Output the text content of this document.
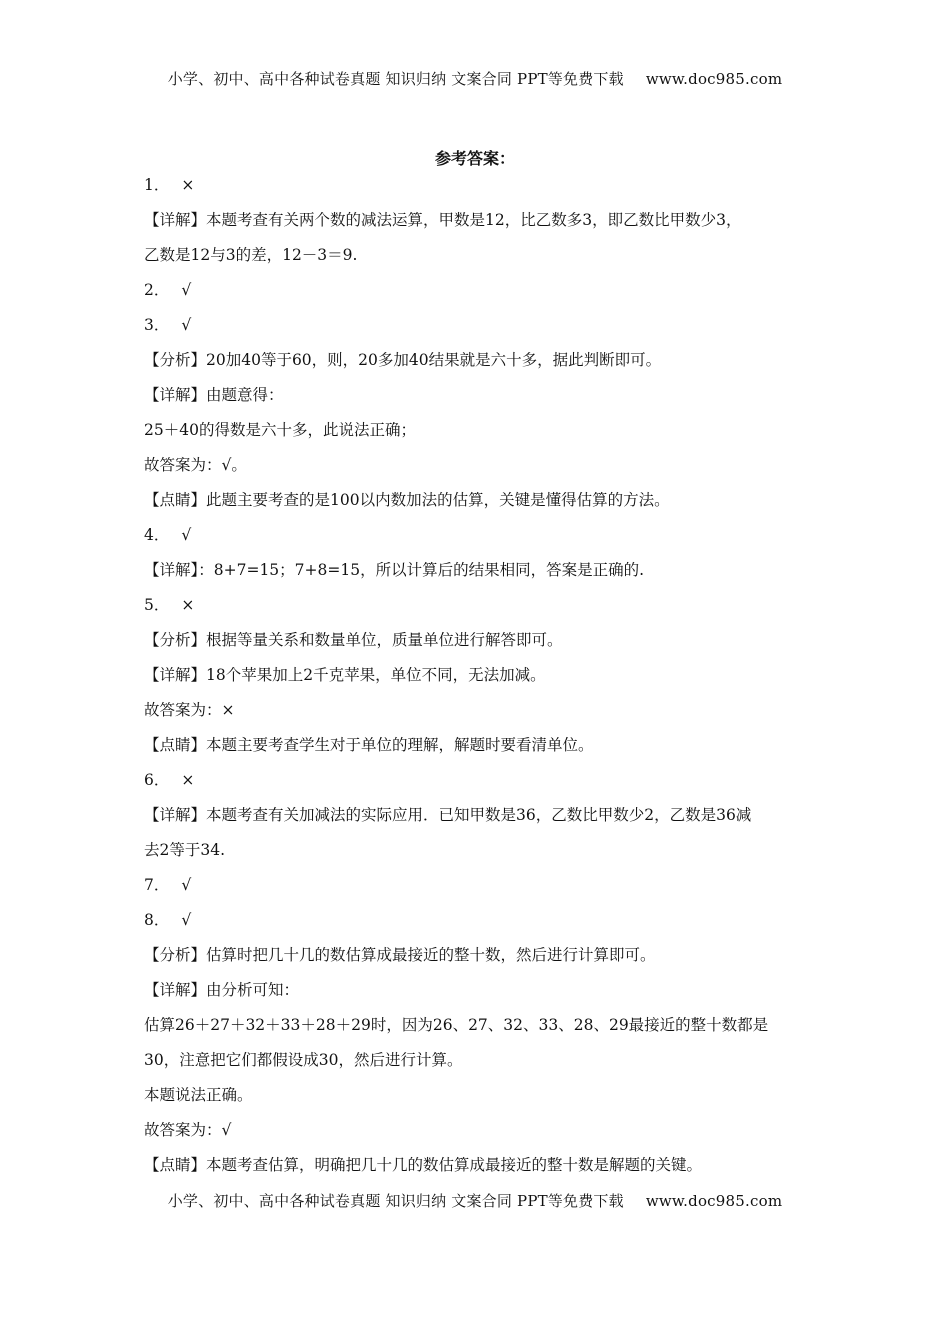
小学、初中、高中各种试卷真题 知识归纳 文案合同 PPT等免费下载 www.doc985.com
参考答案：
1． ×
【详解】本题考查有关两个数的减法运算，甲数是12，比乙数多3，即乙数比甲数少3，
乙数是12与3的差，12－3＝9.
2． √
3． √
【分析】20加40等于60，则，20多加40结果就是六十多，据此判断即可。
【详解】由题意得：
25＋40的得数是六十多，此说法正确；
故答案为：√。
【点睛】此题主要考查的是100以内数加法的估算，关键是懂得估算的方法。
4． √
【详解】：8+7=15；7+8=15，所以计算后的结果相同，答案是正确的.
5． ×
【分析】根据等量关系和数量单位，质量单位进行解答即可。
【详解】18个苹果加上2千克苹果，单位不同，无法加减。
故答案为：×
【点睛】本题主要考查学生对于单位的理解，解题时要看清单位。
6． ×
【详解】本题考查有关加减法的实际应用．已知甲数是36，乙数比甲数少2，乙数是36减
去2等于34.
7． √
8． √
【分析】估算时把几十几的数估算成最接近的整十数，然后进行计算即可。
【详解】由分析可知：
估算26＋27＋32＋33＋28＋29时，因为26、27、32、33、28、29最接近的整十数都是
30，注意把它们都假设成30，然后进行计算。
本题说法正确。
故答案为：√
【点睛】本题考查估算，明确把几十几的数估算成最接近的整十数是解题的关键。
小学、初中、高中各种试卷真题 知识归纳 文案合同 PPT等免费下载 www.doc985.com
